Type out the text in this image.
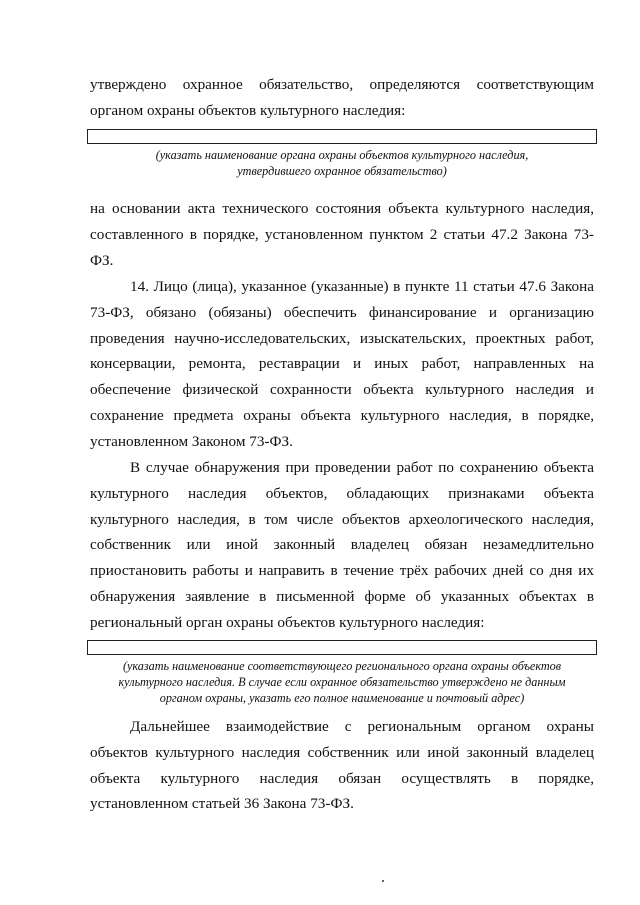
утверждено охранное обязательство, определяются соответствующим органом охраны объектов культурного наследия:
(указать наименование органа охраны объектов культурного наследия,
утвердившего охранное обязательство)
на основании акта технического состояния объекта культурного наследия, составленного в порядке, установленном пунктом 2 статьи 47.2 Закона 73-ФЗ.
14. Лицо (лица), указанное (указанные) в пункте 11 статьи 47.6 Закона 73-ФЗ, обязано (обязаны) обеспечить финансирование и организацию проведения научно-исследовательских, изыскательских, проектных работ, консервации, ремонта, реставрации и иных работ, направленных на обеспечение физической сохранности объекта культурного наследия и сохранение предмета охраны объекта культурного наследия, в порядке, установленном Законом 73-ФЗ.
В случае обнаружения при проведении работ по сохранению объекта культурного наследия объектов, обладающих признаками объекта культурного наследия, в том числе объектов археологического наследия, собственник или иной законный владелец обязан незамедлительно приостановить работы и направить в течение трёх рабочих дней со дня их обнаружения заявление в письменной форме об указанных объектах в региональный орган охраны объектов культурного наследия:
(указать наименование соответствующего регионального органа охраны объектов
культурного наследия. В случае если охранное обязательство утверждено не данным
органом охраны, указать его полное наименование и почтовый адрес)
Дальнейшее взаимодействие с региональным органом охраны объектов культурного наследия собственник или иной законный владелец объекта культурного наследия обязан осуществлять в порядке, установленном статьей 36 Закона 73-ФЗ.
